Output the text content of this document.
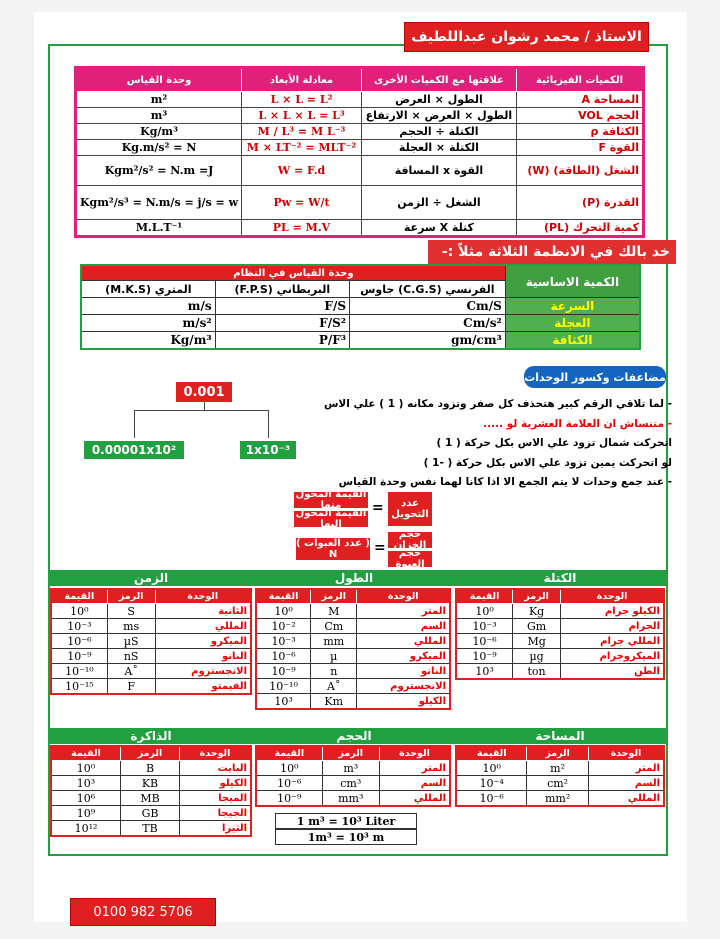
الاستاذ / محمد رشوان عبداللطيف
وحدة القياس	معادلة الأبعاد	علاقتها مع الكميات الأخرى	الكميات الفيزيائية
m²	L × L = L²	الطول × العرض	المساحة A
m³	L × L × L = L³	الطول × العرض × الارتفاع	الحجم VOL
Kg/m³	M / L³ = M L⁻³	الكتلة ÷ الحجم	الكثافة ρ
Kg.m/s² = N	M × LT⁻² = MLT⁻²	الكتلة × العجلة	القوة F
Kgm²/s² = N.m =J	W = F.d	القوة x المسافة	الشغل (الطاقة) (W)
Kgm²/s³ = N.m/s = j/s = w	Pw = W/t	الشغل ÷ الزمن	القدرة (P)
M.L.T⁻¹	PL = M.V	كتلة X سرعة	كمية التحرك (PL)
خد بالك في الانظمة الثلاثة مثلاً :-
وحدة القياس في النظام			الكمية الاساسية
المتري (M.K.S)	البريطاني (F.P.S)	الفرنسي (C.G.S) جاوس	
m/s	F/S	Cm/S	السرعة
m/s²	F/S²	Cm/s²	العجلة
Kg/m³	P/F³	gm/cm³	الكثافة
مضاعفات وكسور الوحدات
0.001
0.00001x10²	1x10⁻³
- لما تلاقي الرقم كبير هتحذف كل صفر وتزود مكانه ( 1 ) علي الاس
- متنساش ان العلامة العشرية لو .....
اتحركت شمال تزود علي الاس بكل حركة ( 1 )
لو اتحركت يمين تزود علي الاس بكل حركة ( -1 )
- عند جمع وحدات لا يتم الجمع الا اذا كانا لهما نفس وحدة القياس
عدد التحويل
=
القيمة المحول منها
القيمة المحول اليها
حجم الخزان
حجم العبوة
=
( عدد العبوات ) N
الزمن	الطول	الكتلة
القيمة	الرمز	الوحدة
10⁰	Kg	الكيلو جرام
10⁻³	Gm	الجرام
10⁻⁶	Mg	المللي جرام
10⁻⁹	µg	الميكروجرام
10³	ton	الطن
القيمة	الرمز	الوحدة
10⁰	M	المتر
10⁻²	Cm	السم
10⁻³	mm	المللي
10⁻⁶	µ	الميكرو
10⁻⁹	n	النانو
10⁻¹⁰	A˚	الانجستروم
10³	Km	الكيلو
القيمة	الرمز	الوحدة
10⁰	S	الثانية
10⁻³	ms	المللي
10⁻⁶	µS	الميكرو
10⁻⁹	nS	النانو
10⁻¹⁰	A˚	الانجستروم
10⁻¹⁵	F	الفيمتو
الذاكرة	الحجم	المساحة
القيمة	الرمز	الوحدة
10⁰	m²	المتر
10⁻⁴	cm²	السم
10⁻⁶	mm²	المللي
القيمة	الرمز	الوحدة
10⁰	m³	المتر
10⁻⁶	cm³	السم
10⁻⁹	mm³	المللي
1 m³ = 10³ Liter
1m³ = 10³ m
القيمة	الرمز	الوحدة
10⁰	B	البايت
10³	KB	الكيلو
10⁶	MB	الميجا
10⁹	GB	الجيجا
10¹²	TB	التيرا
0100 982 5706
